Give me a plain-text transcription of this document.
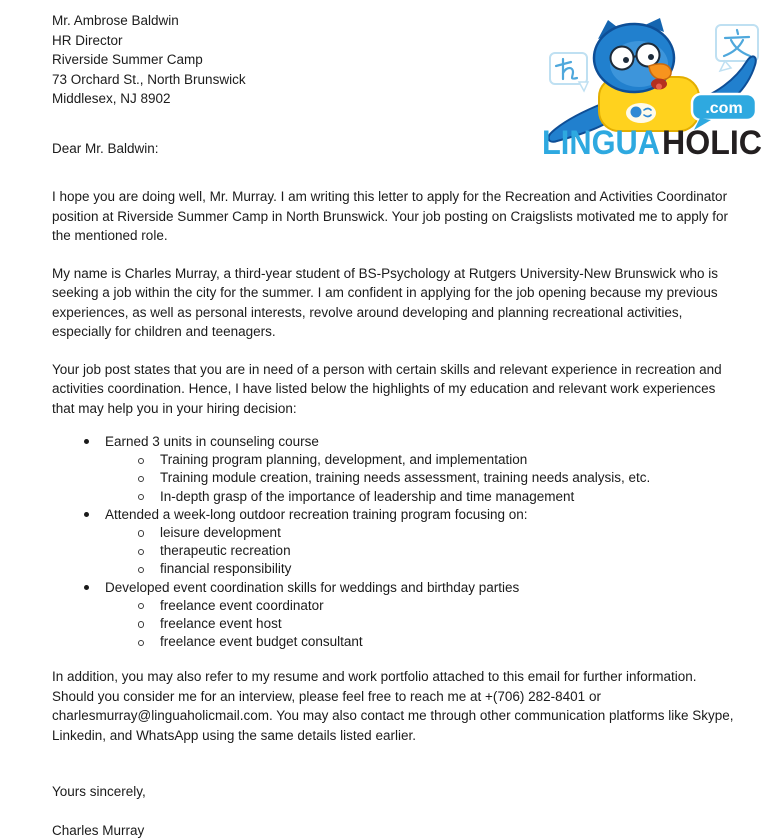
Mr. Ambrose Baldwin
HR Director
Riverside Summer Camp
73 Orchard St., North Brunswick
Middlesex, NJ 8902
.com
LINGUA HOLIC
Dear Mr. Baldwin:
I hope you are doing well, Mr. Murray. I am writing this letter to apply for the Recreation and Activities Coordinator position at Riverside Summer Camp in North Brunswick. Your job posting on Craigslists motivated me to apply for the mentioned role.
My name is Charles Murray, a third-year student of BS-Psychology at Rutgers University-New Brunswick who is seeking a job within the city for the summer. I am confident in applying for the job opening because my previous experiences, as well as personal interests, revolve around developing and planning recreational activities, especially for children and teenagers.
Your job post states that you are in need of a person with certain skills and relevant experience in recreation and activities coordination. Hence, I have listed below the highlights of my education and relevant work experiences that may help you in your hiring decision:
Earned 3 units in counseling course
Training program planning, development, and implementation
Training module creation, training needs assessment, training needs analysis, etc.
In-depth grasp of the importance of leadership and time management
Attended a week-long outdoor recreation training program focusing on:
leisure development
therapeutic recreation
financial responsibility
Developed event coordination skills for weddings and birthday parties
freelance event coordinator
freelance event host
freelance event budget consultant
In addition, you may also refer to my resume and work portfolio attached to this email for further information. Should you consider me for an interview, please feel free to reach me at +(706) 282-8401 or charlesmurray@linguaholicmail.com. You may also contact me through other communication platforms like Skype, Linkedin, and WhatsApp using the same details listed earlier.
Yours sincerely,
Charles Murray
